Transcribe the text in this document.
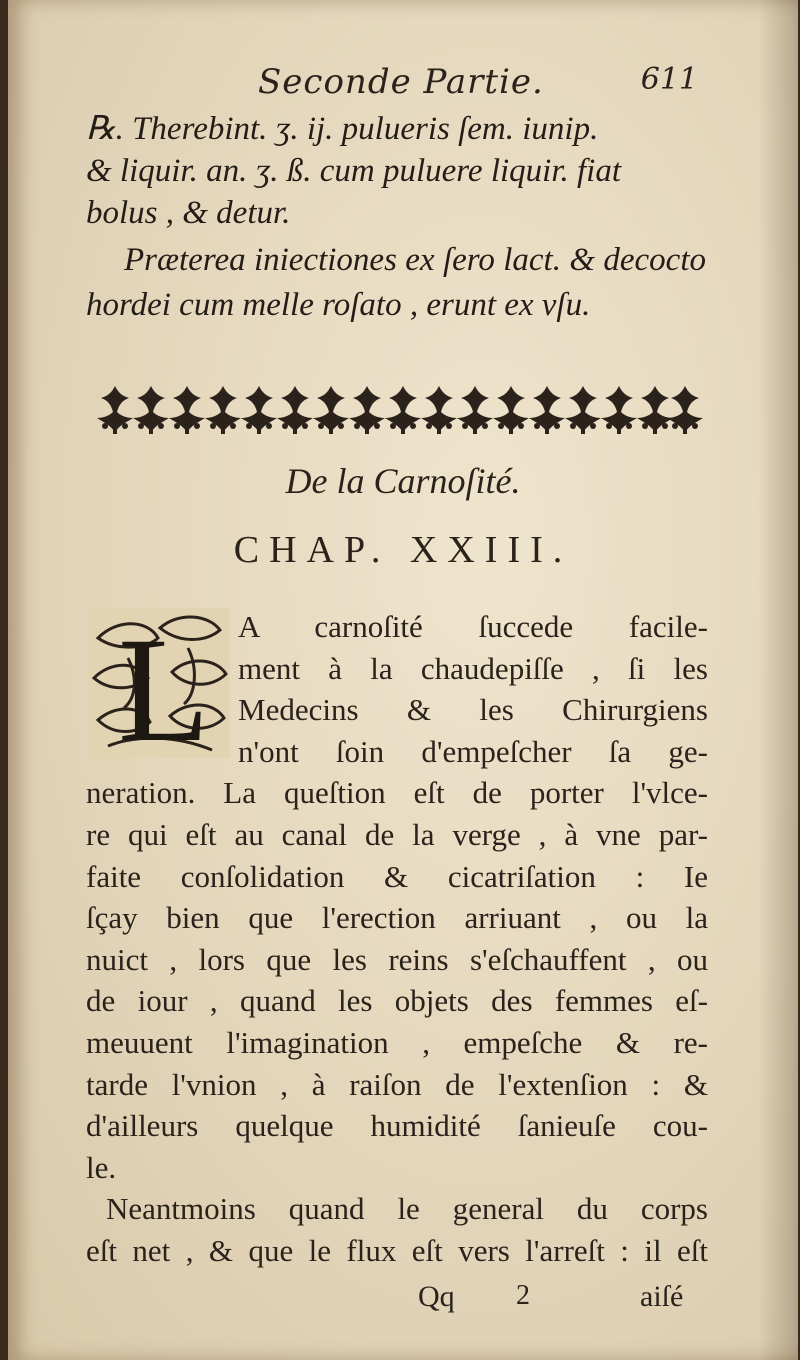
Seconde Partie.	611

℞. Therebint. ʒ. ij. pulueris ſem. iunip.
& liquir. an. ʒ. ß. cum puluere liquir. fiat
bolus , & detur.

Præterea iniectiones ex ſero lact. & decocto hordei cum melle roſato , erunt ex vſu.

De la Carnoſité.

CHAP. XXIII.

L A carnoſité ſuccede facile-
ment à la chaudepiſſe , ſi les
Medecins & les Chirurgiens
n'ont ſoin d'empeſcher ſa ge-
neration. La queſtion eſt de porter l'vlce-
re qui eſt au canal de la verge , à vne par-
faite conſolidation & cicatriſation : Ie
ſçay bien que l'erection arriuant , ou la
nuict , lors que les reins s'eſchauffent , ou
de iour , quand les objets des femmes eſ-
meuuent l'imagination , empeſche & re-
tarde l'vnion , à raiſon de l'extenſion : &
d'ailleurs quelque humidité ſanieuſe cou-
le.
Neantmoins quand le general du corps
eſt net , & que le flux eſt vers l'arreſt : il eſt
Qq 2	aiſé
